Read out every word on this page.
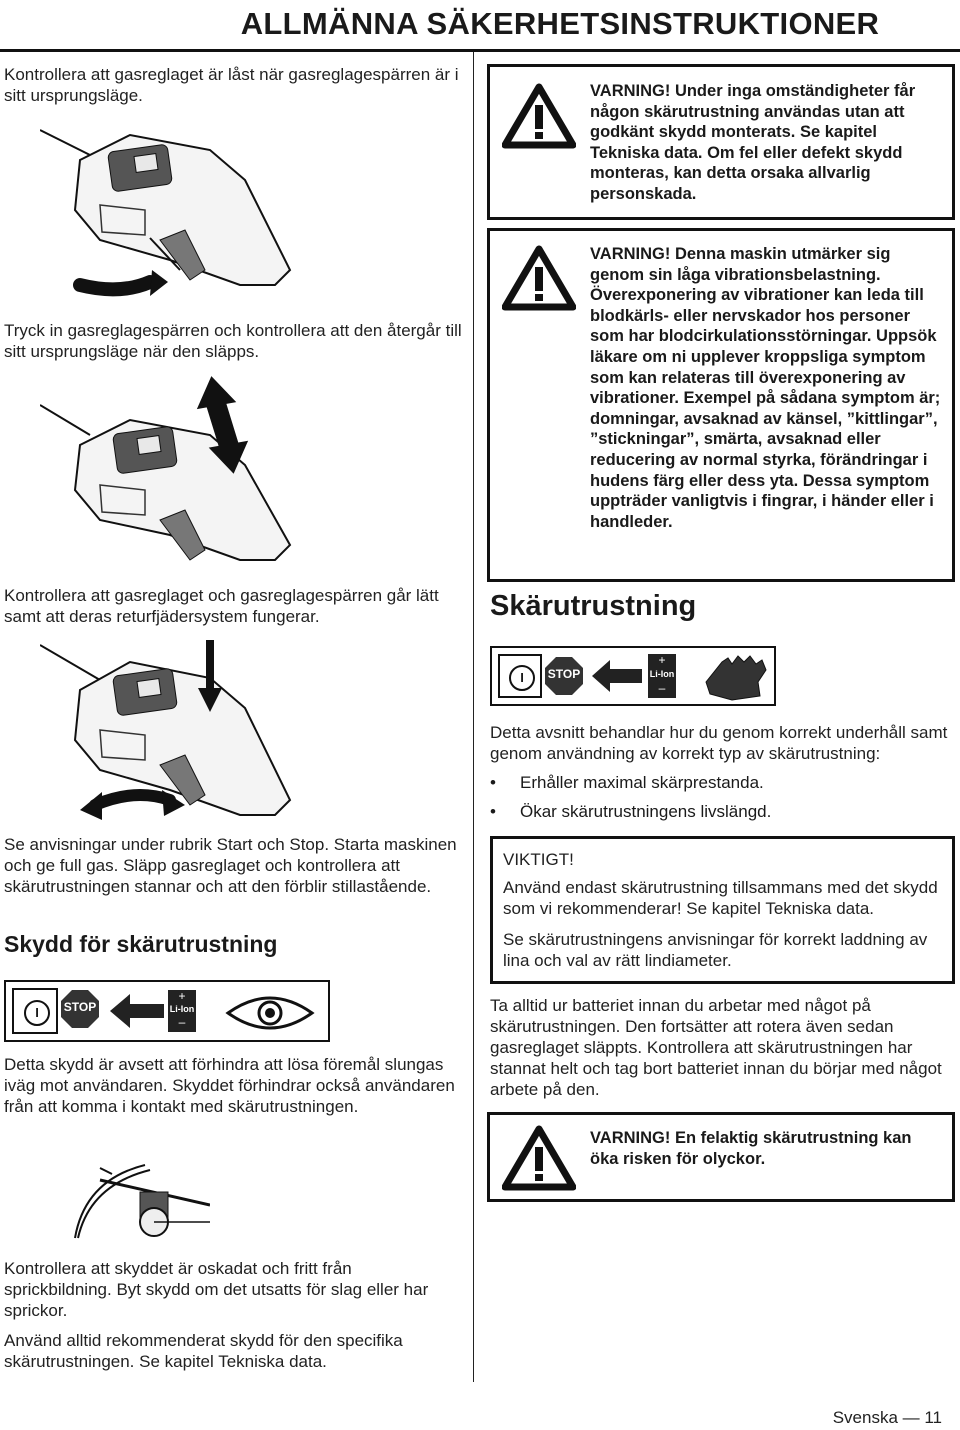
ALLMÄNNA SÄKERHETSINSTRUKTIONER
Kontrollera att gasreglaget är låst när gasreglagespärren är i sitt ursprungsläge.
Tryck in gasreglagespärren och kontrollera att den återgår till sitt ursprungsläge när den släpps.
Kontrollera att gasreglaget och gasreglagespärren går lätt samt att deras returfjädersystem fungerar.
Se anvisningar under rubrik Start och Stop. Starta maskinen och ge full gas. Släpp gasreglaget och kontrollera att skärutrustningen stannar och att den förblir stillastående.
Skydd för skärutrustning
I	STOP
+
Li-Ion
–
Detta skydd är avsett att förhindra att lösa föremål slungas iväg mot användaren. Skyddet förhindrar också användaren från att komma i kontakt med skärutrustningen.
Kontrollera att skyddet är oskadat och fritt från sprickbildning. Byt skydd om det utsatts för slag eller har sprickor.
Använd alltid rekommenderat skydd för den specifika skärutrustningen. Se kapitel Tekniska data.
VARNING! Under inga omständigheter får någon skärutrustning användas utan att godkänt skydd monterats. Se kapitel Tekniska data. Om fel eller defekt skydd monteras, kan detta orsaka allvarlig personskada.
VARNING! Denna maskin utmärker sig genom sin låga vibrationsbelastning. Överexponering av vibrationer kan leda till blodkärls- eller nervskador hos personer som har blodcirkulationsstörningar. Uppsök läkare om ni upplever kroppsliga symptom som kan relateras till överexponering av vibrationer. Exempel på sådana symptom är; domningar, avsaknad av känsel, ”kittlingar”, ”stickningar”, smärta, avsaknad eller reducering av normal styrka, förändringar i hudens färg eller dess yta. Dessa symptom uppträder vanligtvis i fingrar, i händer eller i handleder.
Skärutrustning
I	STOP
+
Li-Ion
–
Detta avsnitt behandlar hur du genom korrekt underhåll samt genom användning av korrekt typ av skärutrustning:
• Erhåller maximal skärprestanda.
• Ökar skärutrustningens livslängd.
VIKTIGT!
Använd endast skärutrustning tillsammans med det skydd som vi rekommenderar! Se kapitel Tekniska data.
Se skärutrustningens anvisningar för korrekt laddning av lina och val av rätt lindiameter.
Ta alltid ur batteriet innan du arbetar med något på skärutrustningen. Den fortsätter att rotera även sedan gasreglaget släppts. Kontrollera att skärutrustningen har stannat helt och tag bort batteriet innan du börjar med något arbete på den.
VARNING! En felaktig skärutrustning kan öka risken för olyckor.
Svenska — 11
